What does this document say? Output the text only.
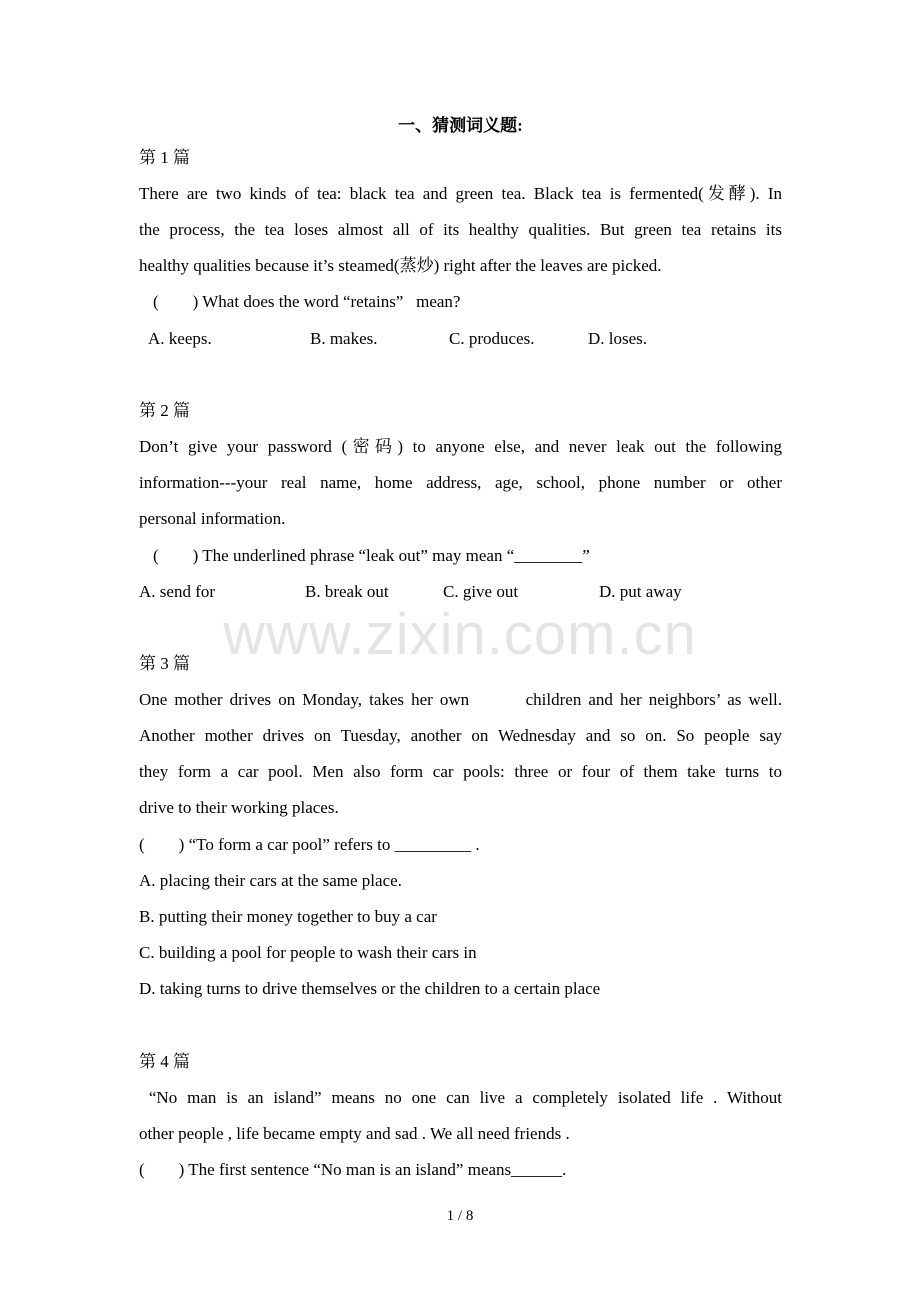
www.zixin.com.cn
一、猜测词义题:
第 1 篇
There are two kinds of tea: black tea and green tea. Black tea is fermented(发酵). In
the process, the tea loses almost all of its healthy qualities. But green tea retains its
healthy qualities because it’s steamed(蒸炒) right after the leaves are picked.
(　　) What does the word “retains”   mean?
A. keeps.	B. makes.	C. produces.	D. loses.
第 2 篇
Don’t give your password (密码) to anyone else, and never leak out the following
information---your real name, home address, age, school, phone number or other
personal information.
(　　) The underlined phrase “leak out” may mean “________”
A. send for	B. break out	C. give out	D. put away
第 3 篇
One mother drives on Monday, takes her own        children and her neighbors’ as well.
Another mother drives on Tuesday, another on Wednesday and so on. So people say
they form a car pool. Men also form car pools: three or four of them take turns to
drive to their working places.
(　　) “To form a car pool” refers to _________ .
A. placing their cars at the same place.
B. putting their money together to buy a car
C. building a pool for people to wash their cars in
D. taking turns to drive themselves or the children to a certain place
第 4 篇
“No man is an island” means no one can live a completely isolated life . Without
other people , life became empty and sad . We all need friends .
(　　) The first sentence “No man is an island” means______.
1 / 8
